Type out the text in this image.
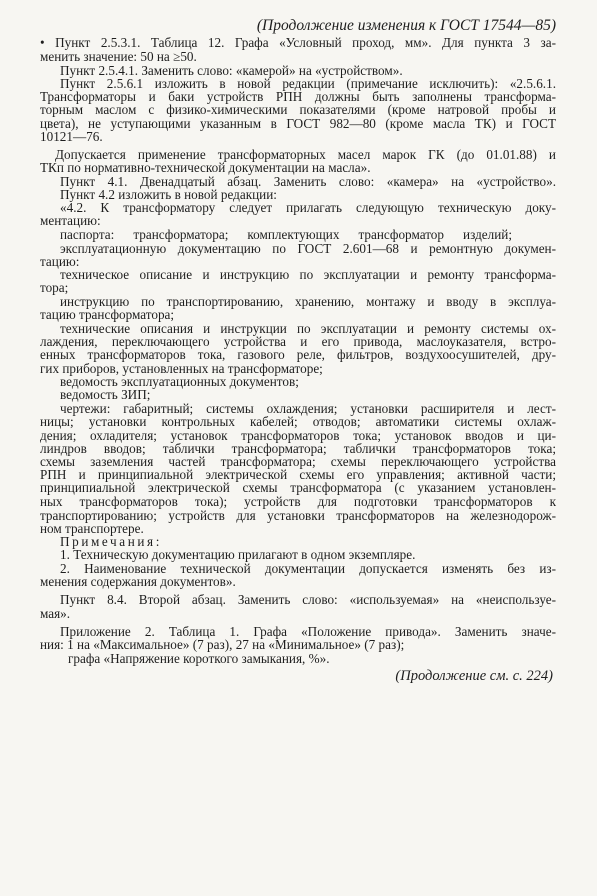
(Продолжение изменения к ГОСТ 17544—85)
• Пункт 2.5.3.1. Таблица 12. Графа «Условный проход, мм». Для пункта 3 за-
менить значение: 50 на ≥50.
Пункт 2.5.4.1. Заменить слово: «камерой» на «устройством».
Пункт 2.5.6.1 изложить в новой редакции (примечание исключить): «2.5.6.1.
Трансформаторы и баки устройств РПН должны быть заполнены трансформа-
торным маслом с физико-химическими показателями (кроме натровой пробы и
цвета), не уступающими указанным в ГОСТ 982—80 (кроме масла ТК) и ГОСТ
10121—76.
Допускается применение трансформаторных масел марок ГК (до 01.01.88) и
ТКп по нормативно-технической документации на масла».
Пункт 4.1. Двенадцатый абзац. Заменить слово: «камера» на «устройство».
Пункт 4.2 изложить в новой редакции:
«4.2. К трансформатору следует прилагать следующую техническую доку-
ментацию:
паспорта: трансформатора; комплектующих трансформатор изделий;
эксплуатационную документацию по ГОСТ 2.601—68 и ремонтную докумен-
тацию:
техническое описание и инструкцию по эксплуатации и ремонту трансформа-
тора;
инструкцию по транспортированию, хранению, монтажу и вводу в эксплуа-
тацию трансформатора;
технические описания и инструкции по эксплуатации и ремонту системы ох-
лаждения, переключающего устройства и его привода, маслоуказателя, встро-
енных трансформаторов тока, газового реле, фильтров, воздухоосушителей, дру-
гих приборов, установленных на трансформаторе;
ведомость эксплуатационных документов;
ведомость ЗИП;
чертежи: габаритный; системы охлаждения; установки расширителя и лест-
ницы; установки контрольных кабелей; отводов; автоматики системы охлаж-
дения; охладителя; установок трансформаторов тока; установок вводов и ци-
линдров вводов; таблички трансформатора; таблички трансформаторов тока;
схемы заземления частей трансформатора; схемы переключающего устройства
РПН и принципиальной электрической схемы его управления; активной части;
принципиальной электрической схемы трансформатора (с указанием установлен-
ных трансформаторов тока); устройств для подготовки трансформаторов к
транспортированию; устройств для установки трансформаторов на железнодорож-
ном транспортере.
Примечания:
1. Техническую документацию прилагают в одном экземпляре.
2. Наименование технической документации допускается изменять без из-
менения содержания документов».
Пункт 8.4. Второй абзац. Заменить слово: «используемая» на «неиспользуе-
мая».
Приложение 2. Таблица 1. Графа «Положение привода». Заменить значе-
ния: 1 на «Максимальное» (7 раз), 27 на «Минимальное» (7 раз);
графа «Напряжение короткого замыкания, %».
(Продолжение см. с. 224)
